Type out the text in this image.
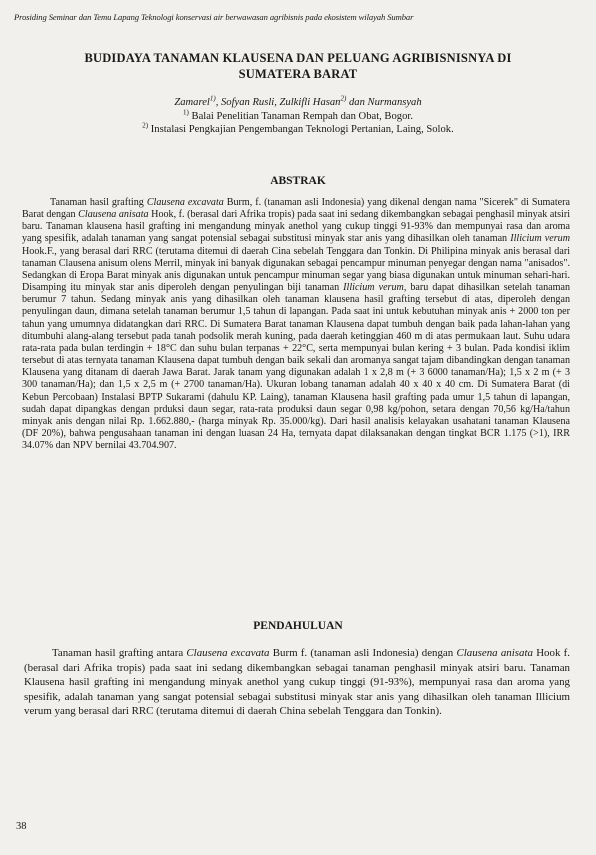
Prosiding Seminar dan Temu Lapang Teknologi konservasi air berwawasan agribisnis pada ekosistem wilayah Sumbar
BUDIDAYA TANAMAN KLAUSENA DAN PELUANG AGRIBISNISNYA DI
SUMATERA BARAT
Zamarel$^{1)}$, Sofyan Rusli, Zulkifli Hasan$^{2)}$ dan Nurmansyah
$^{1)}$ Balai Penelitian Tanaman Rempah dan Obat, Bogor.
$^{2)}$ Instalasi Pengkajian Pengembangan Teknologi Pertanian, Laing, Solok.
ABSTRAK

Tanaman hasil grafting Clausena excavata Burm, f. (tanaman asli Indonesia) yang dikenal dengan nama "Sicerek" di Sumatera Barat dengan Clausena anisata Hook, f. (berasal dari Afrika tropis) pada saat ini sedang dikembangkan sebagai penghasil minyak atsiri baru. Tanaman klausena hasil grafting ini mengandung minyak anethol yang cukup tinggi 91-93% dan mempunyai rasa dan aroma yang spesifik, adalah tanaman yang sangat potensial sebagai substitusi minyak star anis yang dihasilkan oleh tanaman Illicium verum Hook.F., yang berasal dari RRC (terutama ditemui di daerah Cina sebelah Tenggara dan Tonkin. Di Philipina minyak anis berasal dari tanaman Clausena anisum olens Merril, minyak ini banyak digunakan sebagai pencampur minuman penyegar dengan nama "anisados". Sedangkan di Eropa Barat minyak anis digunakan untuk pencampur minuman segar yang biasa digunakan untuk minuman sehari-hari. Disamping itu minyak star anis diperoleh dengan penyulingan biji tanaman Illicium verum, baru dapat dihasilkan setelah tanaman berumur 7 tahun. Sedang minyak anis yang dihasilkan oleh tanaman klausena hasil grafting tersebut di atas, diperoleh dengan penyulingan daun, dimana setelah tanaman berumur 1,5 tahun di lapangan. Pada saat ini untuk kebutuhan minyak anis + 2000 ton per tahun yang umumnya didatangkan dari RRC. Di Sumatera Barat tanaman Klausena dapat tumbuh dengan baik pada lahan-lahan yang ditumbuhi alang-alang tersebut pada tanah podsolik merah kuning, pada daerah ketinggian 460 m di atas permukaan laut. Suhu udara rata-rata pada bulan terdingin + 18°C dan suhu bulan terpanas + 22°C, serta mempunyai bulan kering + 3 bulan. Pada kondisi iklim tersebut di atas ternyata tanaman Klausena dapat tumbuh dengan baik sekali dan aromanya sangat tajam dibandingkan dengan tanaman Klausena yang ditanam di daerah Jawa Barat. Jarak tanam yang digunakan adalah 1 x 2,8 m (+ 3 6000 tanaman/Ha); 1,5 x 2 m (+ 3 300 tanaman/Ha); dan 1,5 x 2,5 m (+ 2700 tanaman/Ha). Ukuran lobang tanaman adalah 40 x 40 x 40 cm. Di Sumatera Barat (di Kebun Percobaan) Instalasi BPTP Sukarami (dahulu KP. Laing), tanaman Klausena hasil grafting pada umur 1,5 tahun di lapangan, sudah dapat dipangkas dengan prduksi daun segar, rata-rata produksi daun segar 0,98 kg/pohon, setara dengan 70,56 kg/Ha/tahun minyak anis dengan nilai Rp. 1.662.880,- (harga minyak Rp. 35.000/kg). Dari hasil analisis kelayakan usahatani tanaman Klausena (DF 20%), bahwa pengusahaan tanaman ini dengan luasan 24 Ha, ternyata dapat dilaksanakan dengan tingkat BCR 1.175 (>1), IRR 34.07% dan NPV bernilai 43.704.907.

PENDAHULUAN

Tanaman hasil grafting antara Clausena excavata Burm f. (tanaman asli Indonesia) dengan Clausena anisata Hook f. (berasal dari Afrika tropis) pada saat ini sedang dikembangkan sebagai tanaman penghasil minyak atsiri baru. Tanaman Klausena hasil grafting ini mengandung minyak anethol yang cukup tinggi (91-93%), mempunyai rasa dan aroma yang spesifik, adalah tanaman yang sangat potensial sebagai substitusi minyak star anis yang dihasilkan oleh tanaman Illicium verum yang berasal dari RRC (terutama ditemui di daerah China sebelah Tenggara dan Tonkin).

38
